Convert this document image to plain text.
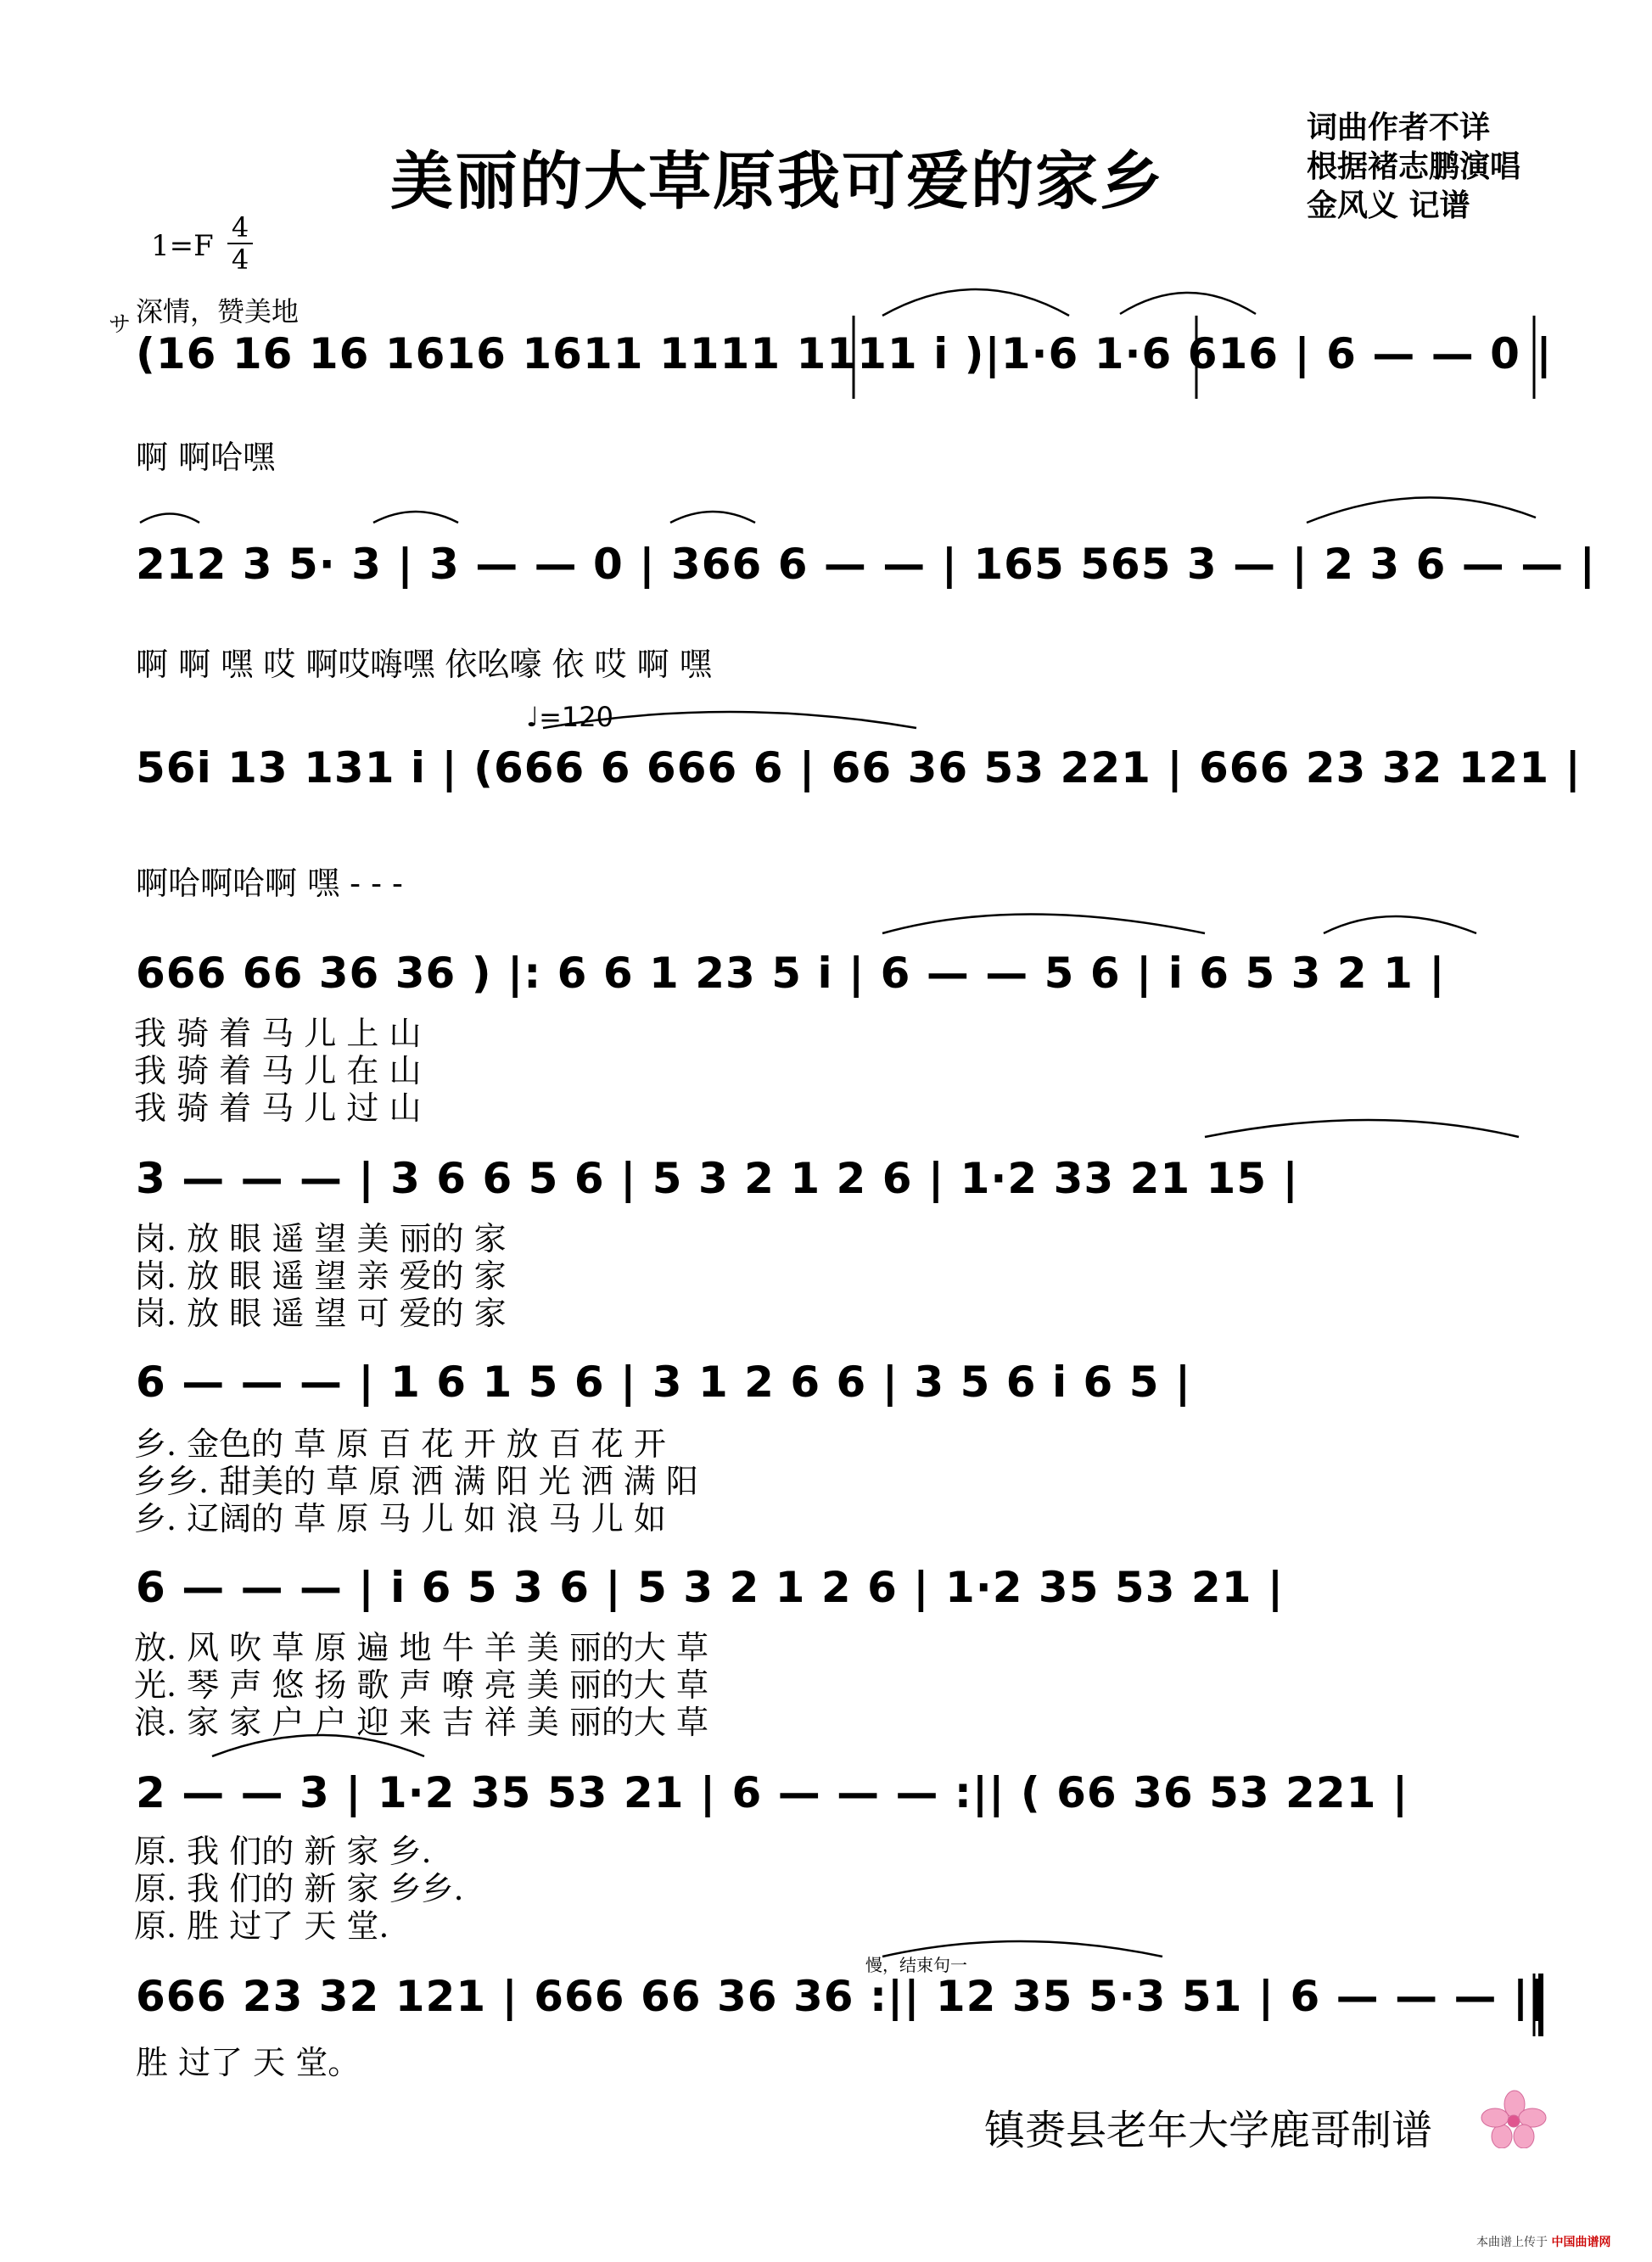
美丽的大草原我可爱的家乡
词曲作者不详
根据褚志鹏演唱
金风义 记谱
1=F
4
4
サ 深情，赞美地
(16 16 16 1616 1611 1111 1111 i )|1·6 1·6 616 | 6 — — 0 |
啊 啊哈嘿
212 3 5· 3 | 3 — — 0 | 366 6 — — | 165 565 3 — | 2 3 6 — — |
啊 啊 嘿 哎 啊哎嗨嘿 依吆嚎 依 哎 啊 嘿
♩=120
56i 13 131 i | (666 6 666 6 | 66 36 53 221 | 666 23 32 121 |
啊哈啊哈啊 嘿 - - -
666 66 36 36 ) |: 6 6 1 23 5 i | 6 — — 5 6 | i 6 5 3 2 1 |
我 骑 着 马 儿 上 山
我 骑 着 马 儿 在 山
我 骑 着 马 儿 过 山
3 — — — | 3 6 6 5 6 | 5 3 2 1 2 6 | 1·2 33 21 15 |
岗. 放 眼 遥 望 美 丽的 家
岗. 放 眼 遥 望 亲 爱的 家
岗. 放 眼 遥 望 可 爱的 家
6 — — — | 1 6 1 5 6 | 3 1 2 6 6 | 3 5 6 i 6 5 |
乡. 金色的 草 原 百 花 开 放 百 花 开
乡乡. 甜美的 草 原 洒 满 阳 光 洒 满 阳
乡. 辽阔的 草 原 马 儿 如 浪 马 儿 如
6 — — — | i 6 5 3 6 | 5 3 2 1 2 6 | 1·2 35 53 21 |
放. 风 吹 草 原 遍 地 牛 羊 美 丽的大 草
光. 琴 声 悠 扬 歌 声 嘹 亮 美 丽的大 草
浪. 家 家 户 户 迎 来 吉 祥 美 丽的大 草
2 — — 3 | 1·2 35 53 21 | 6 — — — :|| ( 66 36 53 221 |
原. 我 们的 新 家 乡.
原. 我 们的 新 家 乡乡.
原. 胜 过了 天 堂.
慢，结束句一
666 23 32 121 | 666 66 36 36 :|| 12 35 5·3 51 | 6 — — — ||
胜 过了 天 堂。
镇赉县老年大学鹿哥制谱
本曲谱上传于 中国曲谱网
